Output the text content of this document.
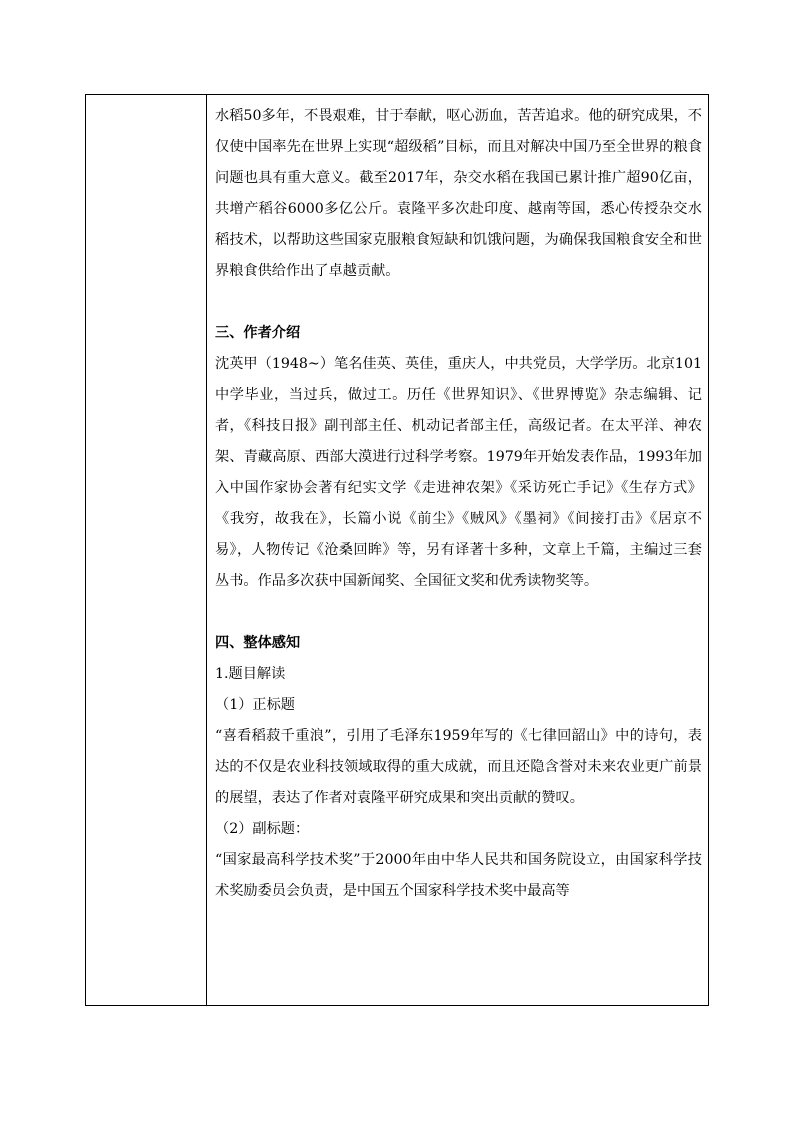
水稻50多年，不畏艰难，甘于奉献，呕心沥血，苦苦追求。他的研究成果，不仅使中国率先在世界上实现“超级稻”目标，而且对解决中国乃至全世界的粮食问题也具有重大意义。截至2017年，杂交水稻在我国已累计推广超90亿亩，共增产稻谷6000多亿公斤。袁隆平多次赴印度、越南等国，悉心传授杂交水稻技术，以帮助这些国家克服粮食短缺和饥饿问题，为确保我国粮食安全和世界粮食供给作出了卓越贡献。

三、作者介绍

沈英甲（1948~）笔名佳英、英佳，重庆人，中共党员，大学学历。北京101中学毕业，当过兵，做过工。历任《世界知识》、《世界博览》杂志编辑、记者，《科技日报》副刊部主任、机动记者部主任，高级记者。在太平洋、神农架、青藏高原、西部大漠进行过科学考察。1979年开始发表作品，1993年加入中国作家协会著有纪实文学《走进神农架》《采访死亡手记》《生存方式》《我穷，故我在》，长篇小说《前尘》《贼风》《墨祠》《间接打击》《居京不易》，人物传记《沧桑回眸》等，另有译著十多种，文章上千篇，主编过三套丛书。作品多次获中国新闻奖、全国征文奖和优秀读物奖等。

四、整体感知

1.题目解读

（1）正标题

“喜看稻菽千重浪”，引用了毛泽东1959年写的《七律回韶山》中的诗句，表达的不仅是农业科技领域取得的重大成就，而且还隐含誉对未来农业更广前景的展望，表达了作者对袁隆平研究成果和突出贡献的赞叹。

（2）副标题：

“国家最高科学技术奖”于2000年由中华人民共和国务院设立，由国家科学技术奖励委员会负责，是中国五个国家科学技术奖中最高等
